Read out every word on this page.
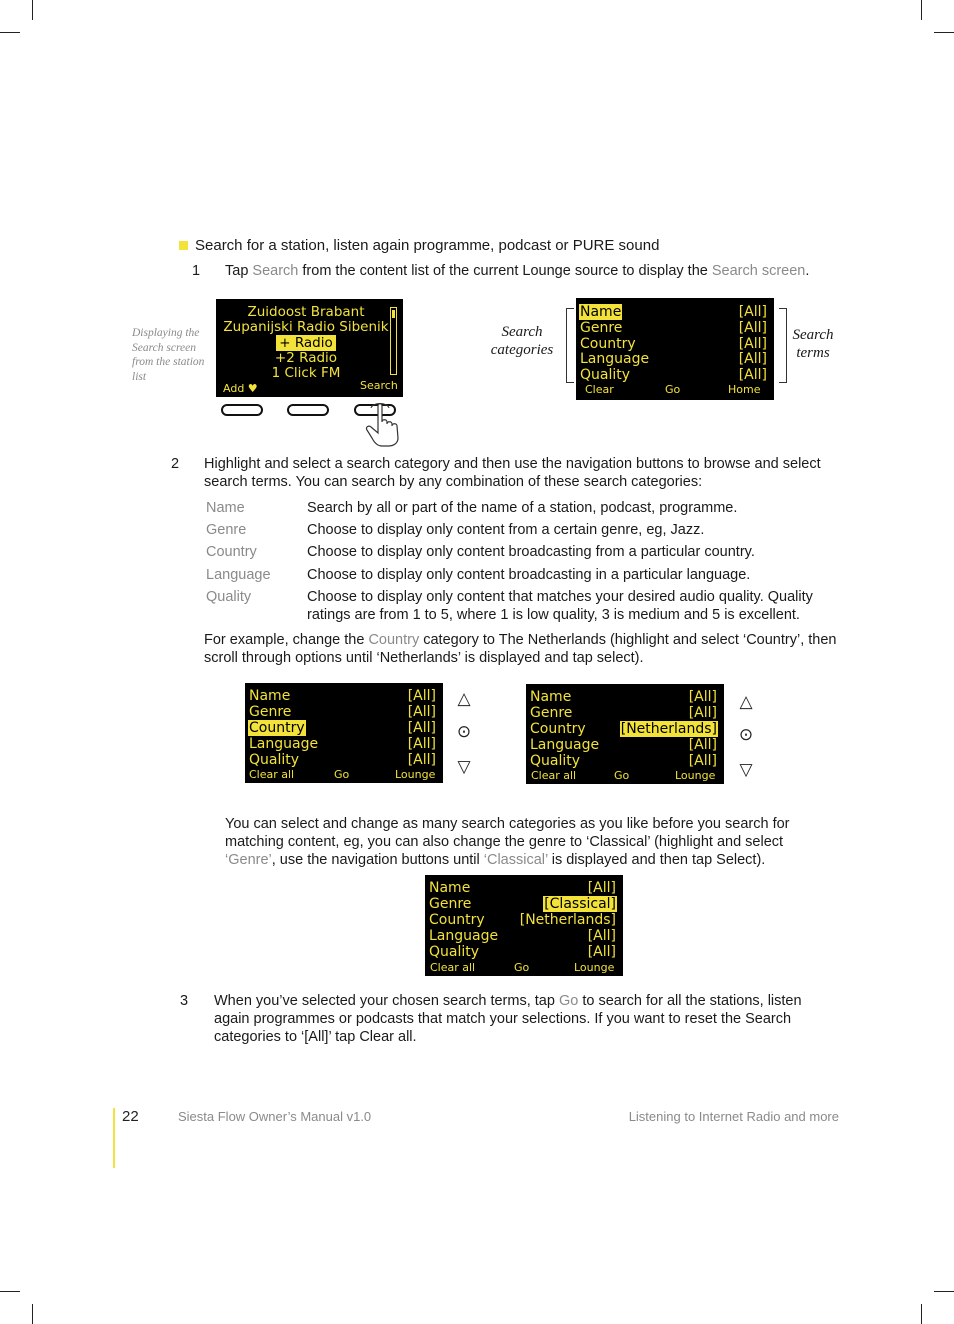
Search for a station, listen again programme, podcast or PURE sound
1 Tap Search from the content list of the current Lounge source to display the Search screen.
Displaying the
Search screen
from the station
list
Zuidoost Brabant
Zupanijski Radio Sibenik
+ Radio
+2 Radio
1 Click FM
Add ♥	Search
Search
categories
Name	[All]
Genre	[All]
Country	[All]
Language	[All]
Quality	[All]
Clear	Go	Home
Search
terms
2 Highlight and select a search category and then use the navigation buttons to browse and select
search terms. You can search by any combination of these search categories:
Name	Search by all or part of the name of a station, podcast, programme.
Genre	Choose to display only content from a certain genre, eg, Jazz.
Country	Choose to display only content broadcasting from a particular country.
Language	Choose to display only content broadcasting in a particular language.
Quality	Choose to display only content that matches your desired audio quality. Quality
ratings are from 1 to 5, where 1 is low quality, 3 is medium and 5 is excellent.
For example, change the Country category to The Netherlands (highlight and select ‘Country’, then
scroll through options until ‘Netherlands’ is displayed and tap select).
Name	[All]
Genre	[All]
Country	[All]
Language	[All]
Quality	[All]
Clear all	Go	Lounge
△
⊙
▽
Name	[All]
Genre	[All]
Country	[Netherlands]
Language	[All]
Quality	[All]
Clear all	Go	Lounge
△
⊙
▽
You can select and change as many search categories as you like before you search for
matching content, eg, you can also change the genre to ‘Classical’ (highlight and select
‘Genre’, use the navigation buttons until ‘Classical’ is displayed and then tap Select).
Name	[All]
Genre	[Classical]
Country	[Netherlands]
Language	[All]
Quality	[All]
Clear all	Go	Lounge
3 When you’ve selected your chosen search terms, tap Go to search for all the stations, listen
again programmes or podcasts that match your selections. If you want to reset the Search
categories to ‘[All]’ tap Clear all.
22	Siesta Flow Owner’s Manual v1.0	Listening to Internet Radio and more
